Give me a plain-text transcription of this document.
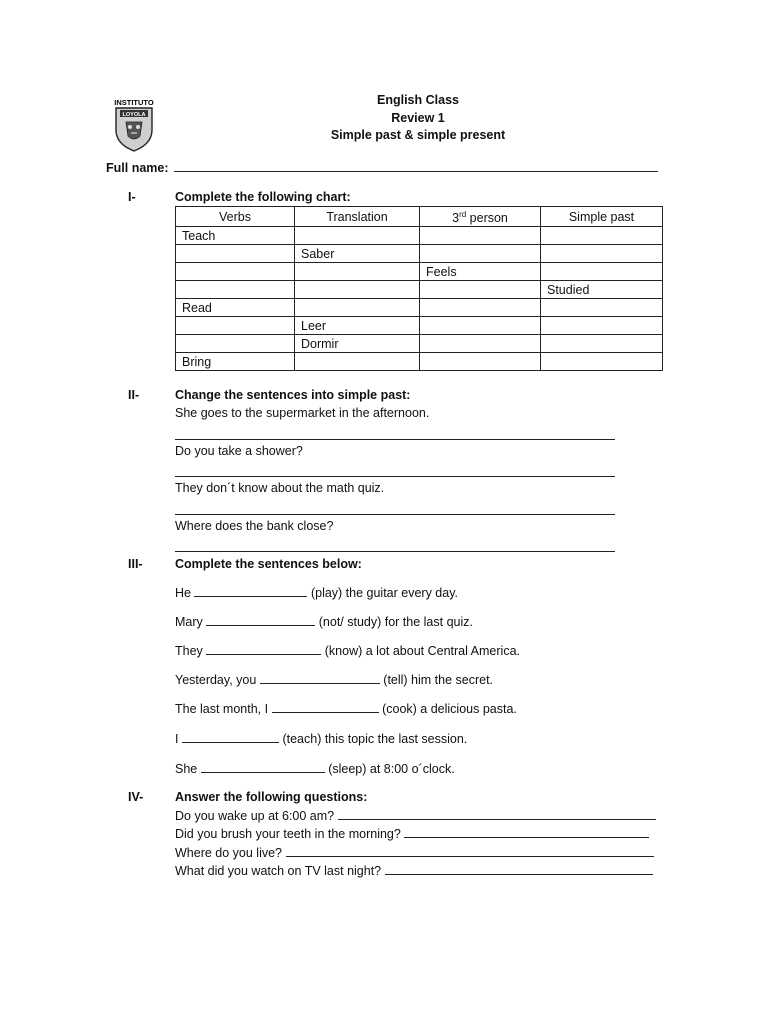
INSTITUTO
LOYOLA
English Class
Review 1
Simple past & simple present
Full name:
I-	Complete the following chart:
Verbs	Translation	3rd person	Simple past
Teach			
	Saber		
		Feels	
			Studied
Read			
	Leer		
	Dormir		
Bring			
II-	Change the sentences into simple past:
She goes to the supermarket in the afternoon.
Do you take a shower?
They don´t know about the math quiz.
Where does the bank close?
III-	Complete the sentences below:
He	(play) the guitar every day.
Mary	(not/ study) for the last quiz.
They	(know) a lot about Central America.
Yesterday, you	(tell) him the secret.
The last month, I	(cook) a delicious pasta.
I	(teach) this topic the last session.
She	(sleep) at 8:00 o´clock.
IV-	Answer the following questions:
Do you wake up at 6:00 am?
Did you brush your teeth in the morning?
Where do you live?
What did you watch on TV last night?
